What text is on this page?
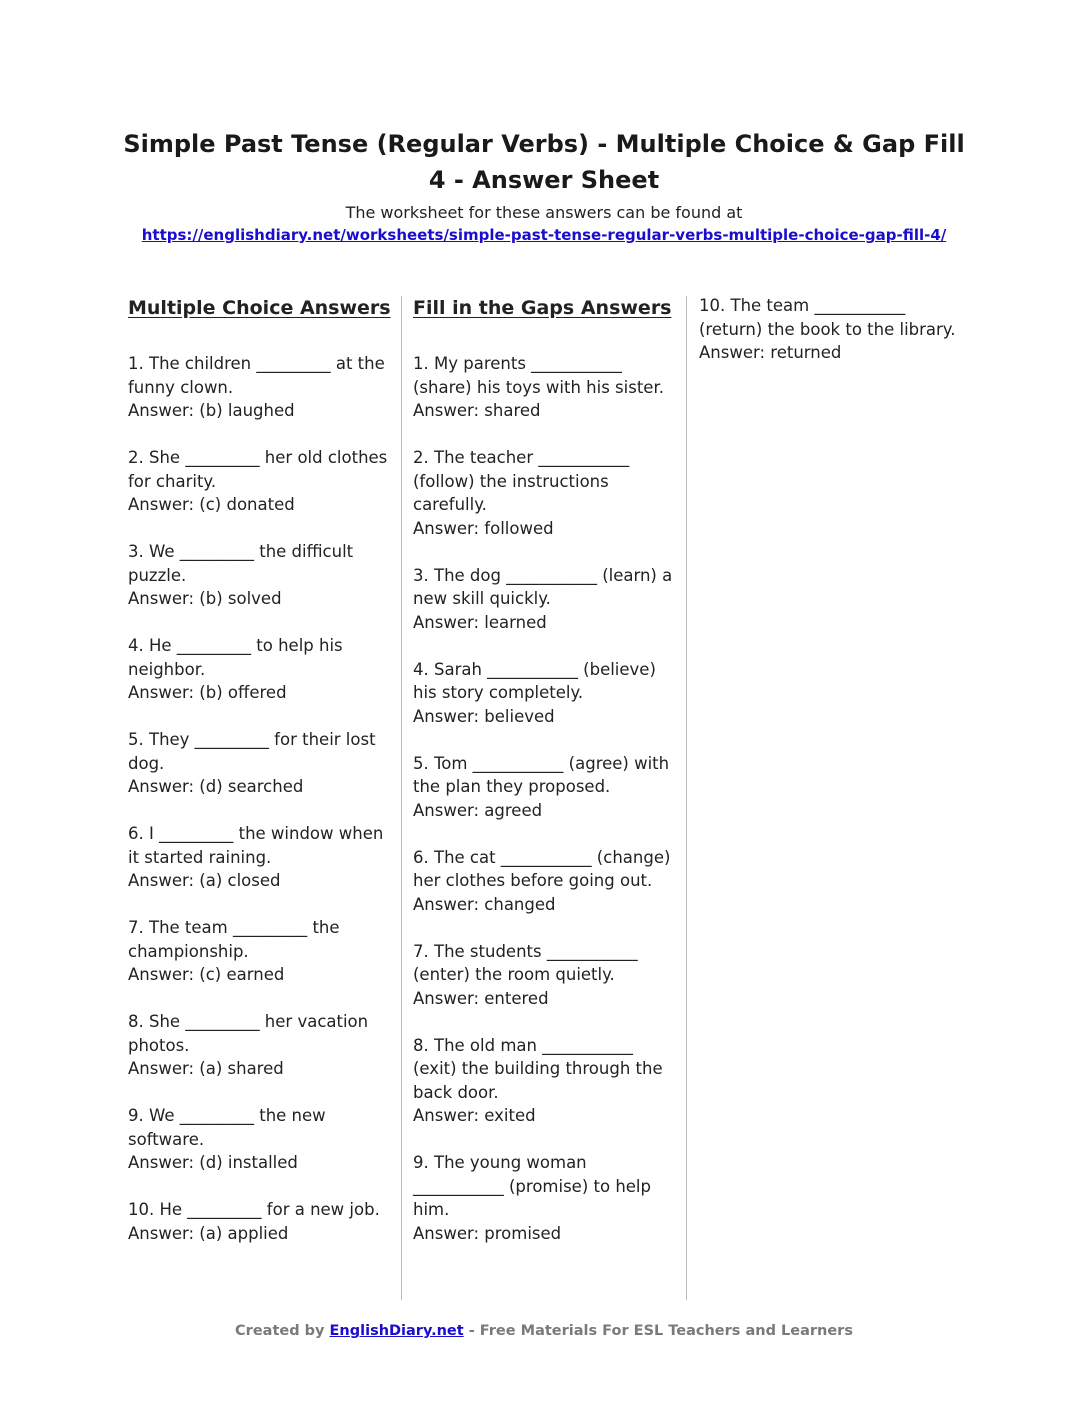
Simple Past Tense (Regular Verbs) - Multiple Choice & Gap Fill 4 - Answer Sheet
The worksheet for these answers can be found at
https://englishdiary.net/worksheets/simple-past-tense-regular-verbs-multiple-choice-gap-fill-4/
Multiple Choice Answers
1. The children _________ at the funny clown.
Answer: (b) laughed
2. She _________ her old clothes for charity.
Answer: (c) donated
3. We _________ the difficult puzzle.
Answer: (b) solved
4. He _________ to help his neighbor.
Answer: (b) offered
5. They _________ for their lost dog.
Answer: (d) searched
6. I _________ the window when it started raining.
Answer: (a) closed
7. The team _________ the championship.
Answer: (c) earned
8. She _________ her vacation photos.
Answer: (a) shared
9. We _________ the new software.
Answer: (d) installed
10. He _________ for a new job.
Answer: (a) applied
Fill in the Gaps Answers
1. My parents ___________ (share) his toys with his sister.
Answer: shared
2. The teacher ___________ (follow) the instructions carefully.
Answer: followed
3. The dog ___________ (learn) a new skill quickly.
Answer: learned
4. Sarah ___________ (believe) his story completely.
Answer: believed
5. Tom ___________ (agree) with the plan they proposed.
Answer: agreed
6. The cat ___________ (change) her clothes before going out.
Answer: changed
7. The students ___________ (enter) the room quietly.
Answer: entered
8. The old man ___________ (exit) the building through the back door.
Answer: exited
9. The young woman ___________ (promise) to help him.
Answer: promised
10. The team ___________ (return) the book to the library.
Answer: returned
Created by EnglishDiary.net - Free Materials For ESL Teachers and Learners
